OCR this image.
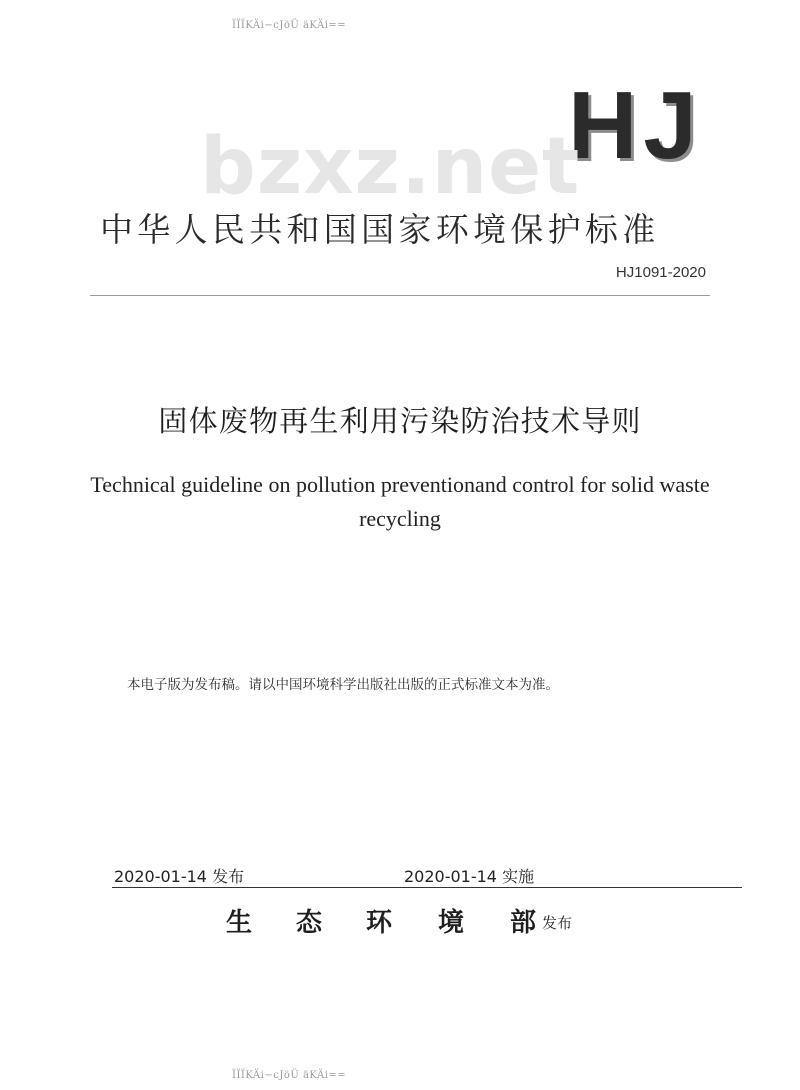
ÏÏÏKÄi−cJöÜ äKÄi==
HJ
bzxz.net
中华人民共和国国家环境保护标准
HJ1091-2020
固体废物再生利用污染防治技术导则
Technical guideline on pollution preventionand control for solid waste
recycling
本电子版为发布稿。请以中国环境科学出版社出版的正式标准文本为准。
2020-01-14 发布	2020-01-14 实施
生 态 环 境 部 发布
ÏÏÏKÄi−cJöÜ äKÄi==
